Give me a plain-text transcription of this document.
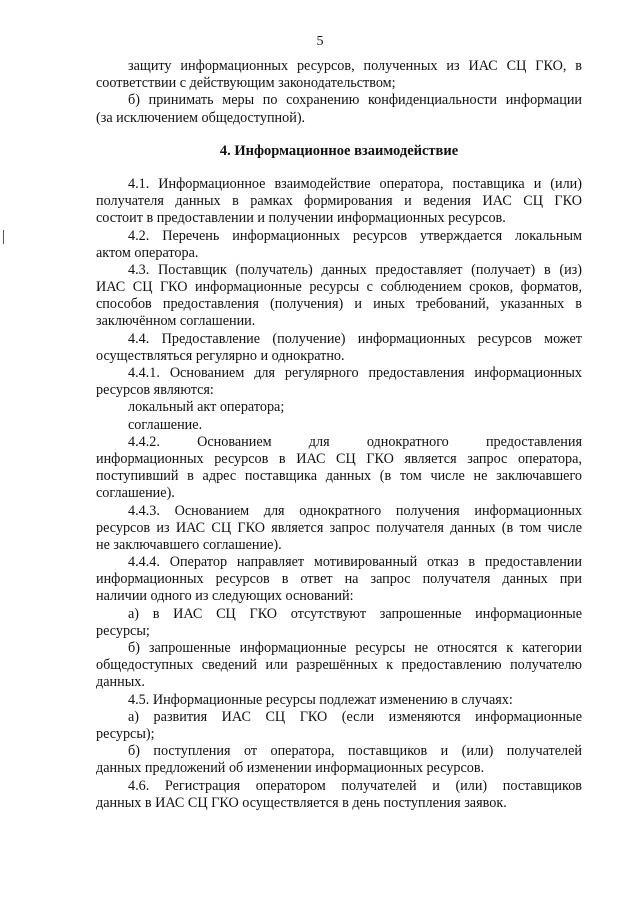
5
защиту информационных ресурсов, полученных из ИАС СЦ ГКО, в
соответствии с действующим законодательством;
б) принимать меры по сохранению конфиденциальности информации
(за исключением общедоступной).
4. Информационное взаимодействие
4.1. Информационное взаимодействие оператора, поставщика и (или)
получателя данных в рамках формирования и ведения ИАС СЦ ГКО
состоит в предоставлении и получении информационных ресурсов.
4.2. Перечень информационных ресурсов утверждается локальным
актом оператора.
4.3. Поставщик (получатель) данных предоставляет (получает) в (из)
ИАС СЦ ГКО информационные ресурсы с соблюдением сроков, форматов,
способов предоставления (получения) и иных требований, указанных в
заключённом соглашении.
4.4. Предоставление (получение) информационных ресурсов может
осуществляться регулярно и однократно.
4.4.1. Основанием для регулярного предоставления информационных
ресурсов являются:
локальный акт оператора;
соглашение.
4.4.2. Основанием для однократного предоставления
информационных ресурсов в ИАС СЦ ГКО является запрос оператора,
поступивший в адрес поставщика данных (в том числе не заключавшего
соглашение).
4.4.3. Основанием для однократного получения информационных
ресурсов из ИАС СЦ ГКО является запрос получателя данных (в том числе
не заключавшего соглашение).
4.4.4. Оператор направляет мотивированный отказ в предоставлении
информационных ресурсов в ответ на запрос получателя данных при
наличии одного из следующих оснований:
а) в ИАС СЦ ГКО отсутствуют запрошенные информационные
ресурсы;
б) запрошенные информационные ресурсы не относятся к категории
общедоступных сведений или разрешённых к предоставлению получателю
данных.
4.5. Информационные ресурсы подлежат изменению в случаях:
а) развития ИАС СЦ ГКО (если изменяются информационные
ресурсы);
б) поступления от оператора, поставщиков и (или) получателей
данных предложений об изменении информационных ресурсов.
4.6. Регистрация оператором получателей и (или) поставщиков
данных в ИАС СЦ ГКО осуществляется в день поступления заявок.
